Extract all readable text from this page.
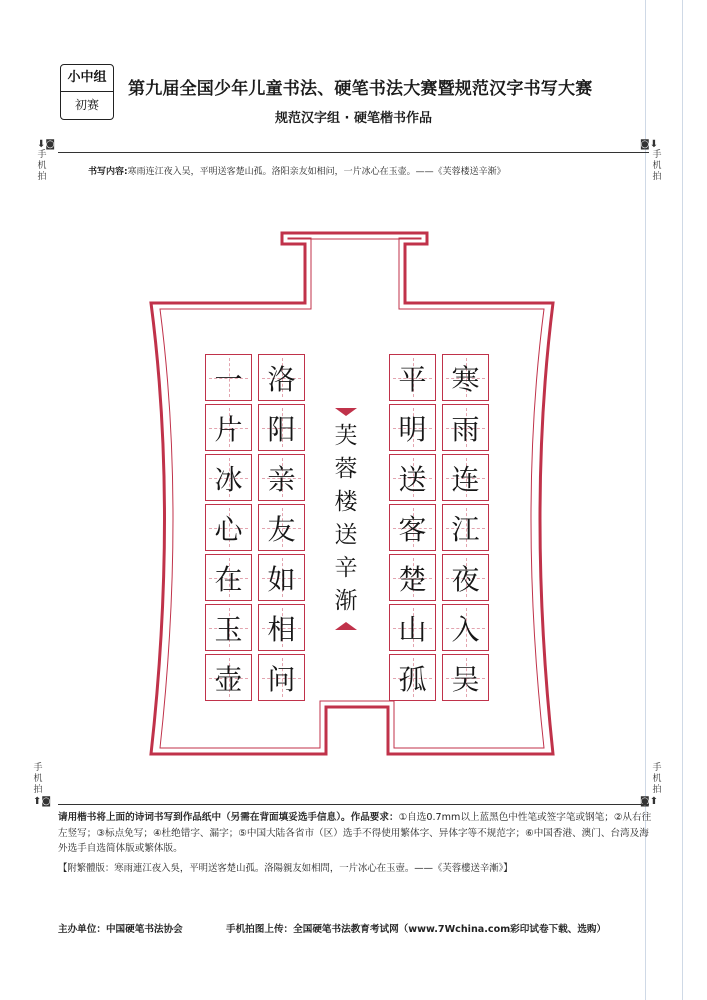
小中组
初赛
第九届全国少年儿童书法、硬笔书法大赛暨规范汉字书写大赛
规范汉字组 · 硬笔楷书作品
⬇◙
手机拍
◙⬇
手机拍
手机拍
⬆◙
手机拍
◙⬆
书写内容:寒雨连江夜入吴，平明送客楚山孤。洛阳亲友如相问，一片冰心在玉壶。——《芙蓉楼送辛渐》
一
片
冰
心
在
玉
壶
洛
阳
亲
友
如
相
问
芙
蓉
楼
送
辛
渐
平
明
送
客
楚
山
孤
寒
雨
连
江
夜
入
吴
请用楷书将上面的诗词书写到作品纸中（另需在背面填妥选手信息）。作品要求：①自选0.7mm以上蓝黑色中性笔或签字笔或钢笔；②从右往左竖写；③标点免写；④杜绝错字、漏字；⑤中国大陆各省市（区）选手不得使用繁体字、异体字等不规范字；⑥中国香港、澳门、台湾及海外选手自选简体版或繁体版。
【附繁體版：寒雨連江夜入吳，平明送客楚山孤。洛陽親友如相問，一片冰心在玉壺。——《芙蓉樓送辛漸》】
主办单位：中国硬笔书法协会	手机拍图上传：全国硬笔书法教育考试网（www.7Wchina.com彩印试卷下载、选购）
